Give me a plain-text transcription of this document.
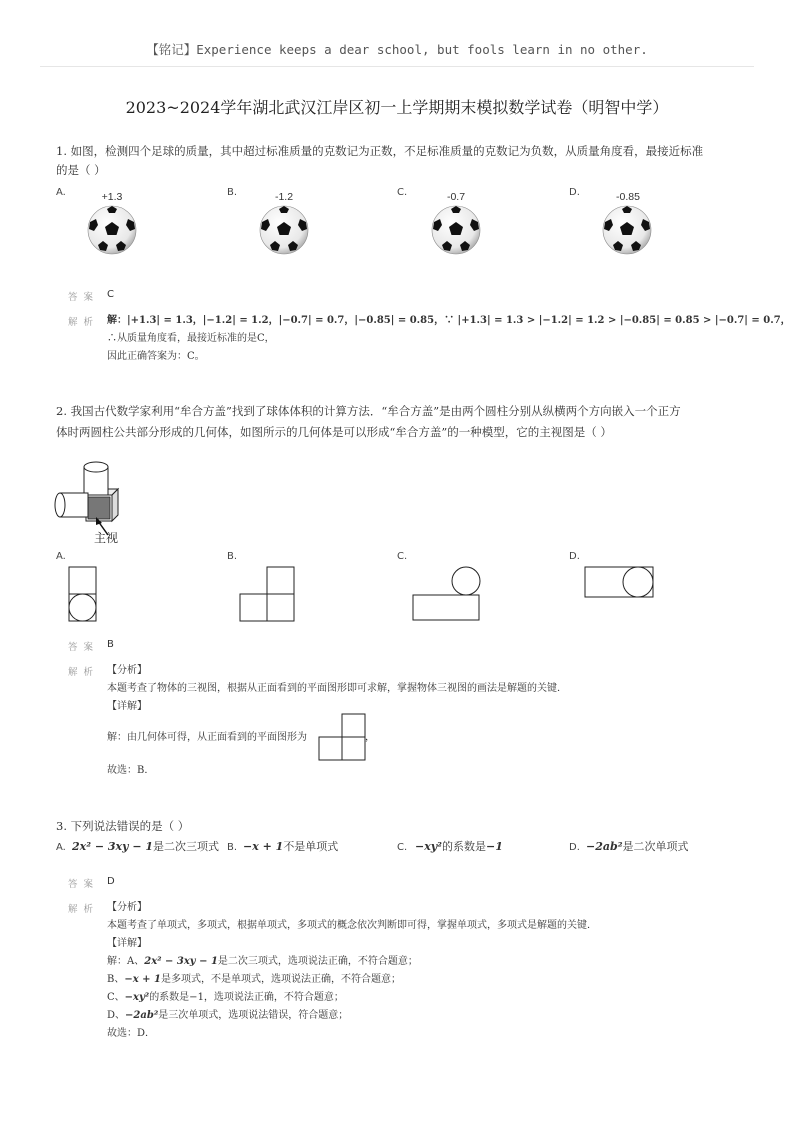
【铭记】Experience keeps a dear school, but fools learn in no other.
2023~2024学年湖北武汉江岸区初一上学期期末模拟数学试卷（明智中学）
1. 如图，检测四个足球的质量，其中超过标准质量的克数记为正数，不足标准质量的克数记为负数，从质量角度看，最接近标准
的是（ ）
A.	B.	C.	D.
+1.3	-1.2	-0.7	-0.85
答案 C
解析 解：|+1.3| = 1.3，|−1.2| = 1.2，|−0.7| = 0.7，|−0.85| = 0.85，∵ |+1.3| = 1.3 > |−1.2| = 1.2 > |−0.85| = 0.85 > |−0.7| = 0.7，
∴从质量角度看，最接近标准的是C，
因此正确答案为：C。
2. 我国古代数学家利用“牟合方盖”找到了球体体积的计算方法．“牟合方盖”是由两个圆柱分别从纵横两个方向嵌入一个正方
体时两圆柱公共部分形成的几何体，如图所示的几何体是可以形成“牟合方盖”的一种模型，它的主视图是（ ）
主视
A.	B.	C.	D.
答案 B
解析 【分析】
本题考查了物体的三视图，根据从正面看到的平面图形即可求解，掌握物体三视图的画法是解题的关键．
【详解】
解：由几何体可得，从正面看到的平面图形为	，
故选：B．
3. 下列说法错误的是（ ）
A. 2x² − 3xy − 1是二次三项式 B. −x + 1不是单项式	C. −xy²的系数是−1	D. −2ab²是二次单项式
答案 D
解析 【分析】
本题考查了单项式，多项式，根据单项式，多项式的概念依次判断即可得，掌握单项式，多项式是解题的关键．
【详解】
解：A、2x² − 3xy − 1是二次三项式，选项说法正确，不符合题意；
B、−x + 1是多项式，不是单项式，选项说法正确，不符合题意；
C、−xy²的系数是−1，选项说法正确，不符合题意；
D、−2ab²是三次单项式，选项说法错误，符合题意；
故选：D．
